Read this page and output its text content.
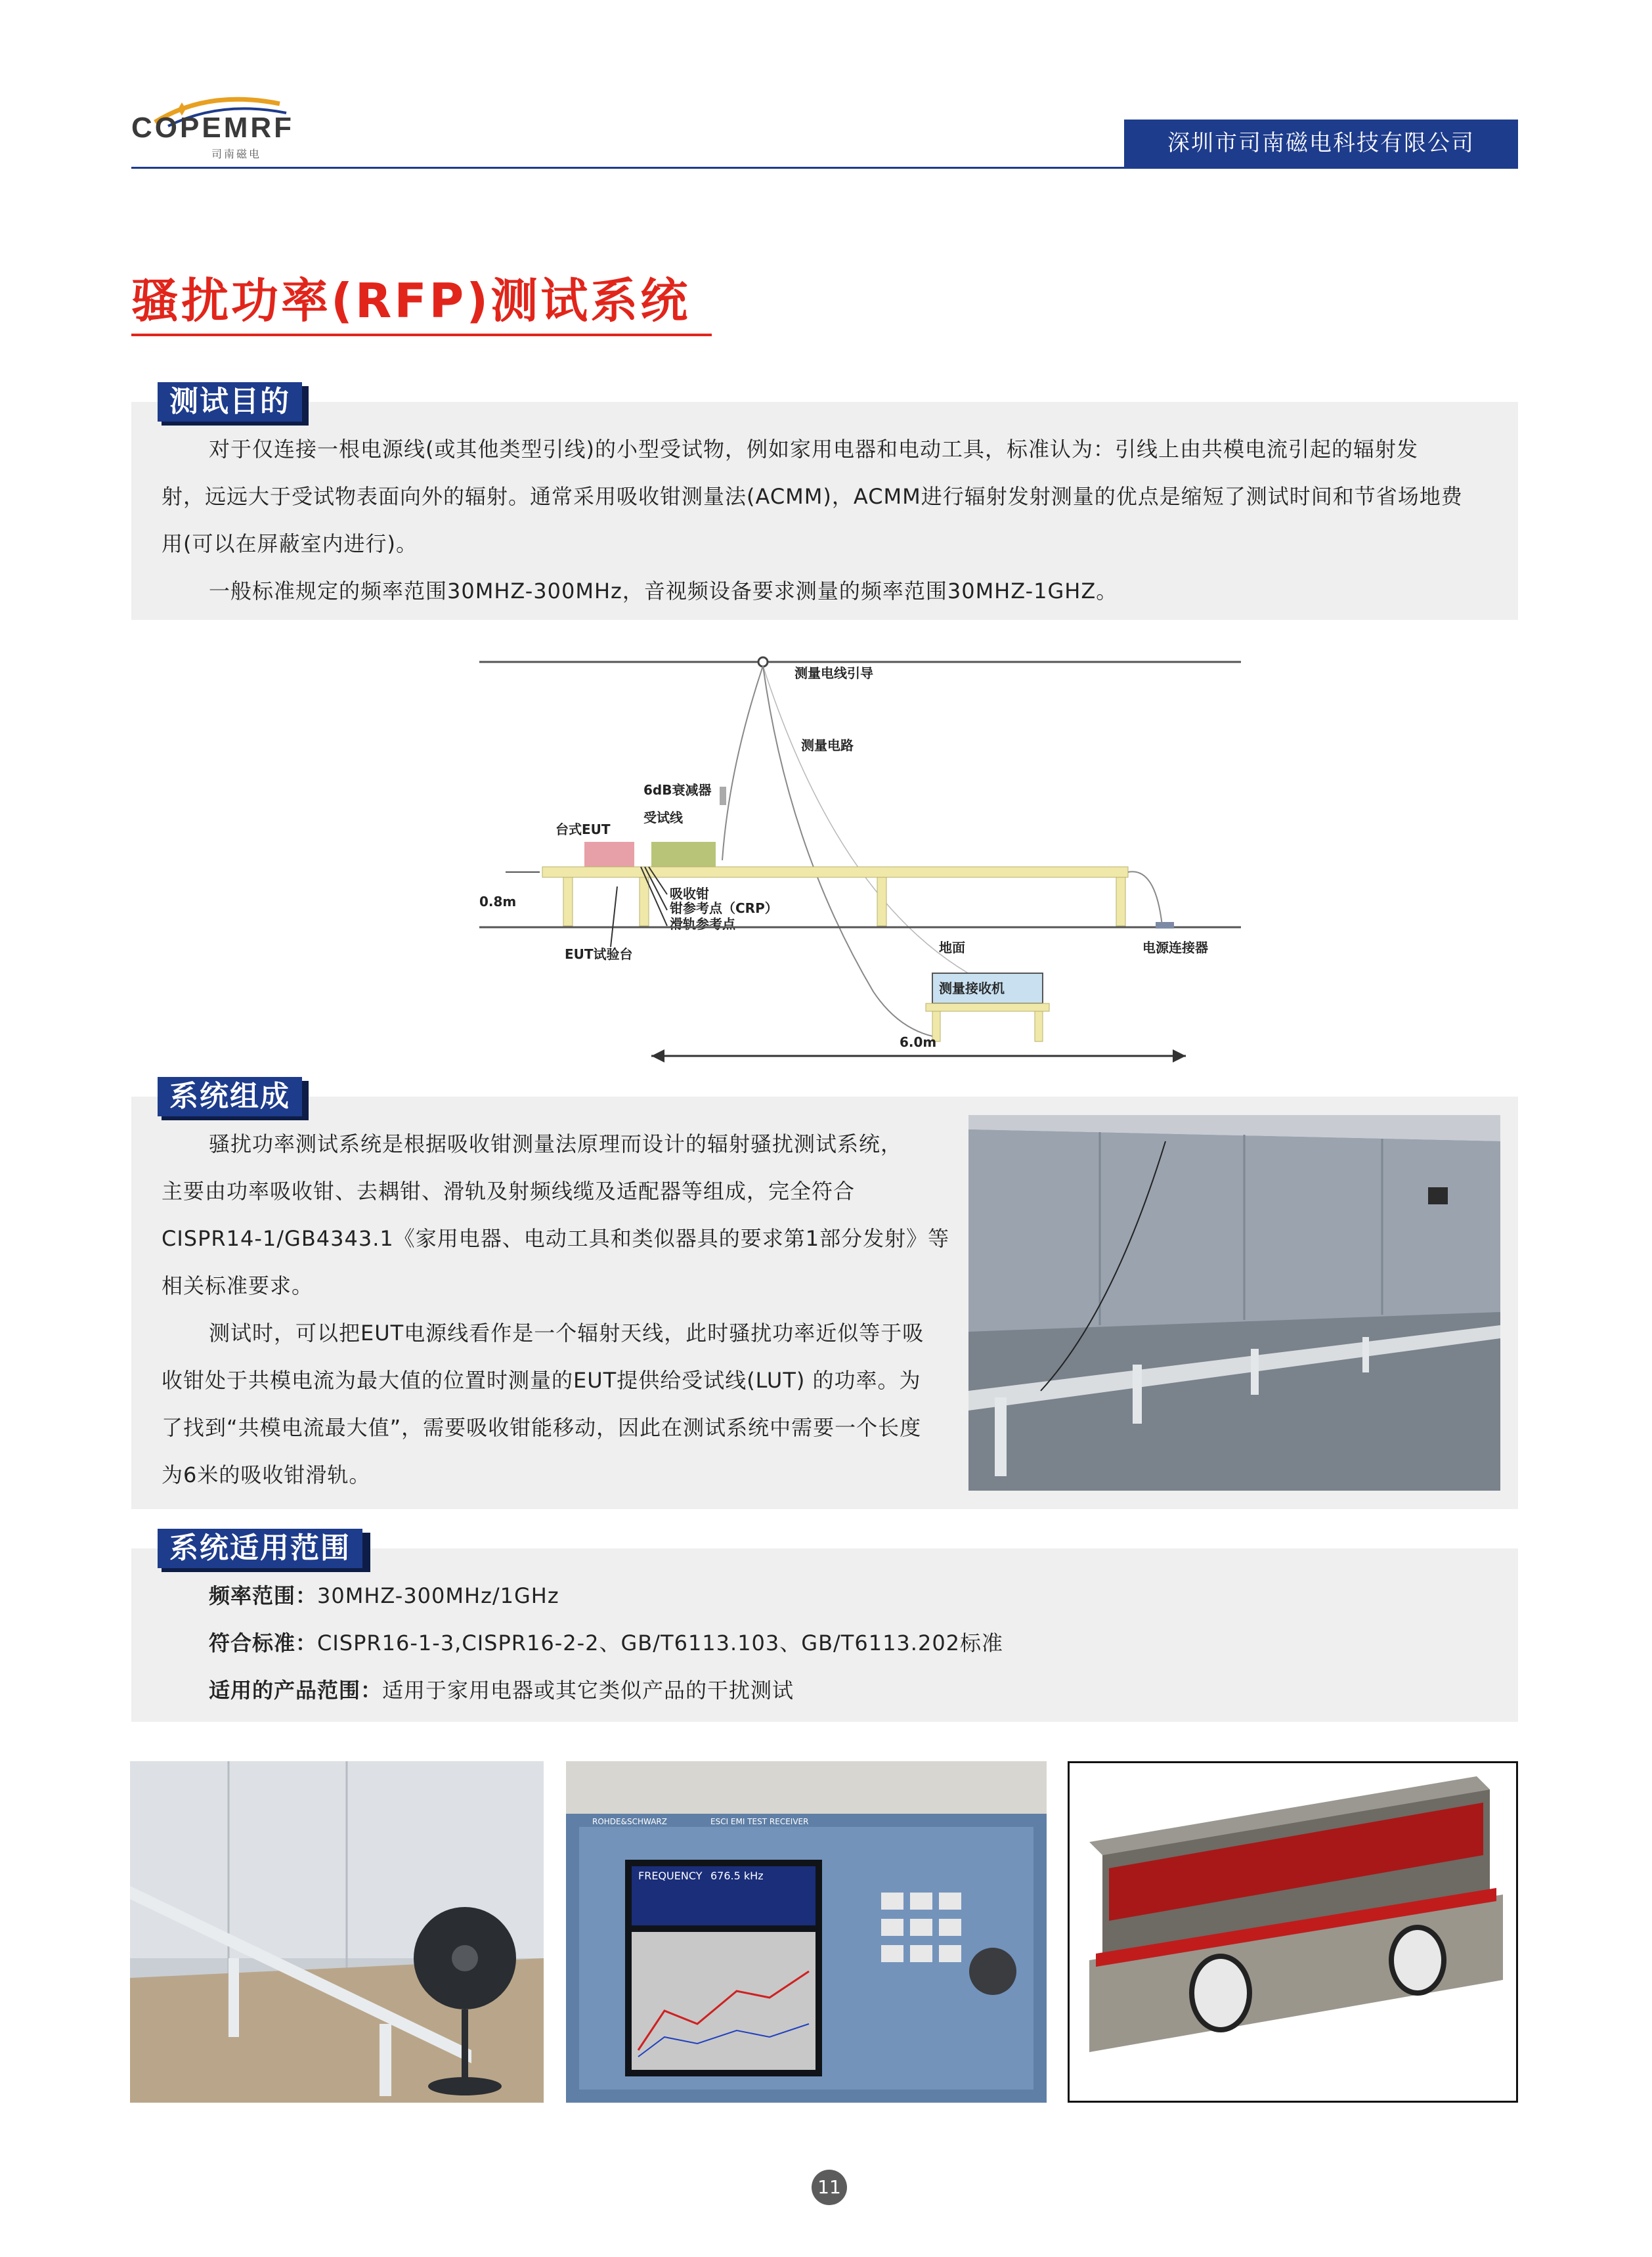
COPEMRF
司南磁电	深圳市司南磁电科技有限公司
骚扰功率(RFP)测试系统
测试目的
对于仅连接一根电源线(或其他类型引线)的小型受试物，例如家用电器和电动工具，标准认为：引线上由共模电流引起的辐射发
射，远远大于受试物表面向外的辐射。通常采用吸收钳测量法(ACMM)，ACMM进行辐射发射测量的优点是缩短了测试时间和节省场地费
用(可以在屏蔽室内进行)。
一般标准规定的频率范围30MHZ-300MHz，音视频设备要求测量的频率范围30MHZ-1GHZ。
测量电线引导
测量电路
6dB衰减器
台式EUT
受试线
吸收钳
钳参考点（CRP）
滑轨参考点
0.8m
EUT试验台	地面	电源连接器
测量接收机
6.0m
系统组成
骚扰功率测试系统是根据吸收钳测量法原理而设计的辐射骚扰测试系统，
主要由功率吸收钳、去耦钳、滑轨及射频线缆及适配器等组成，完全符合
CISPR14-1/GB4343.1《家用电器、电动工具和类似器具的要求第1部分发射》等
相关标准要求。
测试时，可以把EUT电源线看作是一个辐射天线，此时骚扰功率近似等于吸
收钳处于共模电流为最大值的位置时测量的EUT提供给受试线(LUT) 的功率。为
了找到“共模电流最大值”，需要吸收钳能移动，因此在测试系统中需要一个长度
为6米的吸收钳滑轨。
系统适用范围
频率范围：30MHZ-300MHz/1GHz
符合标准：CISPR16-1-3,CISPR16-2-2、GB/T6113.103、GB/T6113.202标准
适用的产品范围：适用于家用电器或其它类似产品的干扰测试
ROHDE&SCHWARZ	ESCI EMI TEST RECEIVER
FREQUENCY 676.5 kHz
11
